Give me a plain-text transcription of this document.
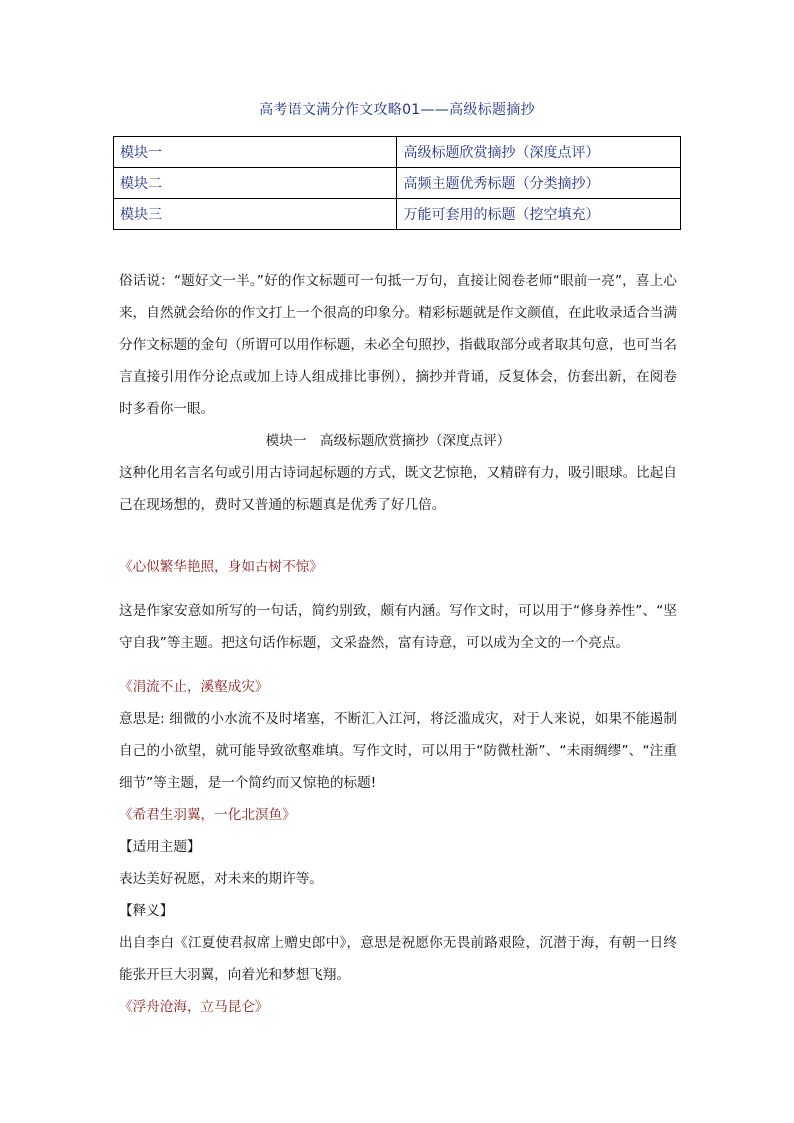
高考语文满分作文攻略01——高级标题摘抄
模块一	高级标题欣赏摘抄（深度点评）
模块二	高频主题优秀标题（分类摘抄）
模块三	万能可套用的标题（挖空填充）

俗话说：“题好文一半。”好的作文标题可一句抵一万句，直接让阅卷老师“眼前一亮”，喜上心来，自然就会给你的作文打上一个很高的印象分。精彩标题就是作文颜值，在此收录适合当满分作文标题的金句（所谓可以用作标题，未必全句照抄，指截取部分或者取其句意，也可当名言直接引用作分论点或加上诗人组成排比事例），摘抄并背诵，反复体会，仿套出新，在阅卷时多看你一眼。

模块一　高级标题欣赏摘抄（深度点评）

这种化用名言名句或引用古诗词起标题的方式，既文艺惊艳，又精辟有力，吸引眼球。比起自己在现场想的，费时又普通的标题真是优秀了好几倍。

《心似繁华艳照，身如古树不惊》

这是作家安意如所写的一句话，简约别致，颇有内涵。写作文时，可以用于“修身养性”、“坚守自我”等主题。把这句话作标题，文采盎然，富有诗意，可以成为全文的一个亮点。

《涓流不止，溪壑成灾》

意思是: 细微的小水流不及时堵塞，不断汇入江河，将泛滥成灾，对于人来说，如果不能遏制自己的小欲望，就可能导致欲壑难填。写作文时，可以用于“防微杜渐”、“未雨绸缪”、“注重细节”等主题，是一个简约而又惊艳的标题!

《希君生羽翼，一化北溟鱼》

【适用主题】

表达美好祝愿，对未来的期许等。

【释义】

出自李白《江夏使君叔席上赠史郎中》，意思是祝愿你无畏前路艰险，沉潜于海，有朝一日终能张开巨大羽翼，向着光和梦想飞翔。

《浮舟沧海，立马昆仑》
